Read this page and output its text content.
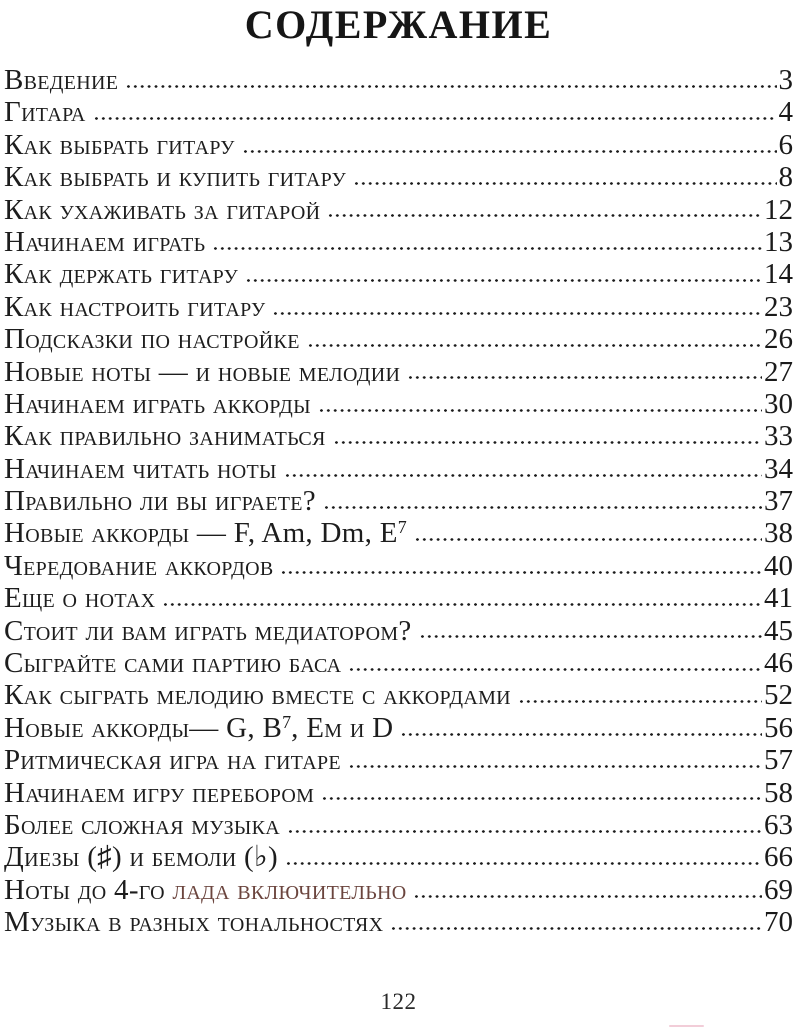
СОДЕРЖАНИЕ
Введение	3
Гитара	4
Как выбрать гитару	6
Как выбрать и купить гитару	8
Как ухаживать за гитарой	12
Начинаем играть	13
Как держать гитару	14
Как настроить гитару	23
Подсказки по настройке	26
Новые ноты — и новые мелодии	27
Начинаем играть аккорды	30
Как правильно заниматься	33
Начинаем читать ноты	34
Правильно ли вы играете?	37
Новые аккорды — F, Am, Dm, $E^7$	38
Чередование аккордов	40
Еще о нотах	41
Стоит ли вам играть медиатором?	45
Сыграйте сами партию баса	46
Как сыграть мелодию вместе с аккордами	52
Новые аккорды— G, $B^7$, Em и D	56
Ритмическая игра на гитаре	57
Начинаем игру перебором	58
Более сложная музыка	63
Диезы (♯) и бемоли (♭)	66
Ноты до 4-го лада включительно	69
Музыка в разных тональностях	70
122
